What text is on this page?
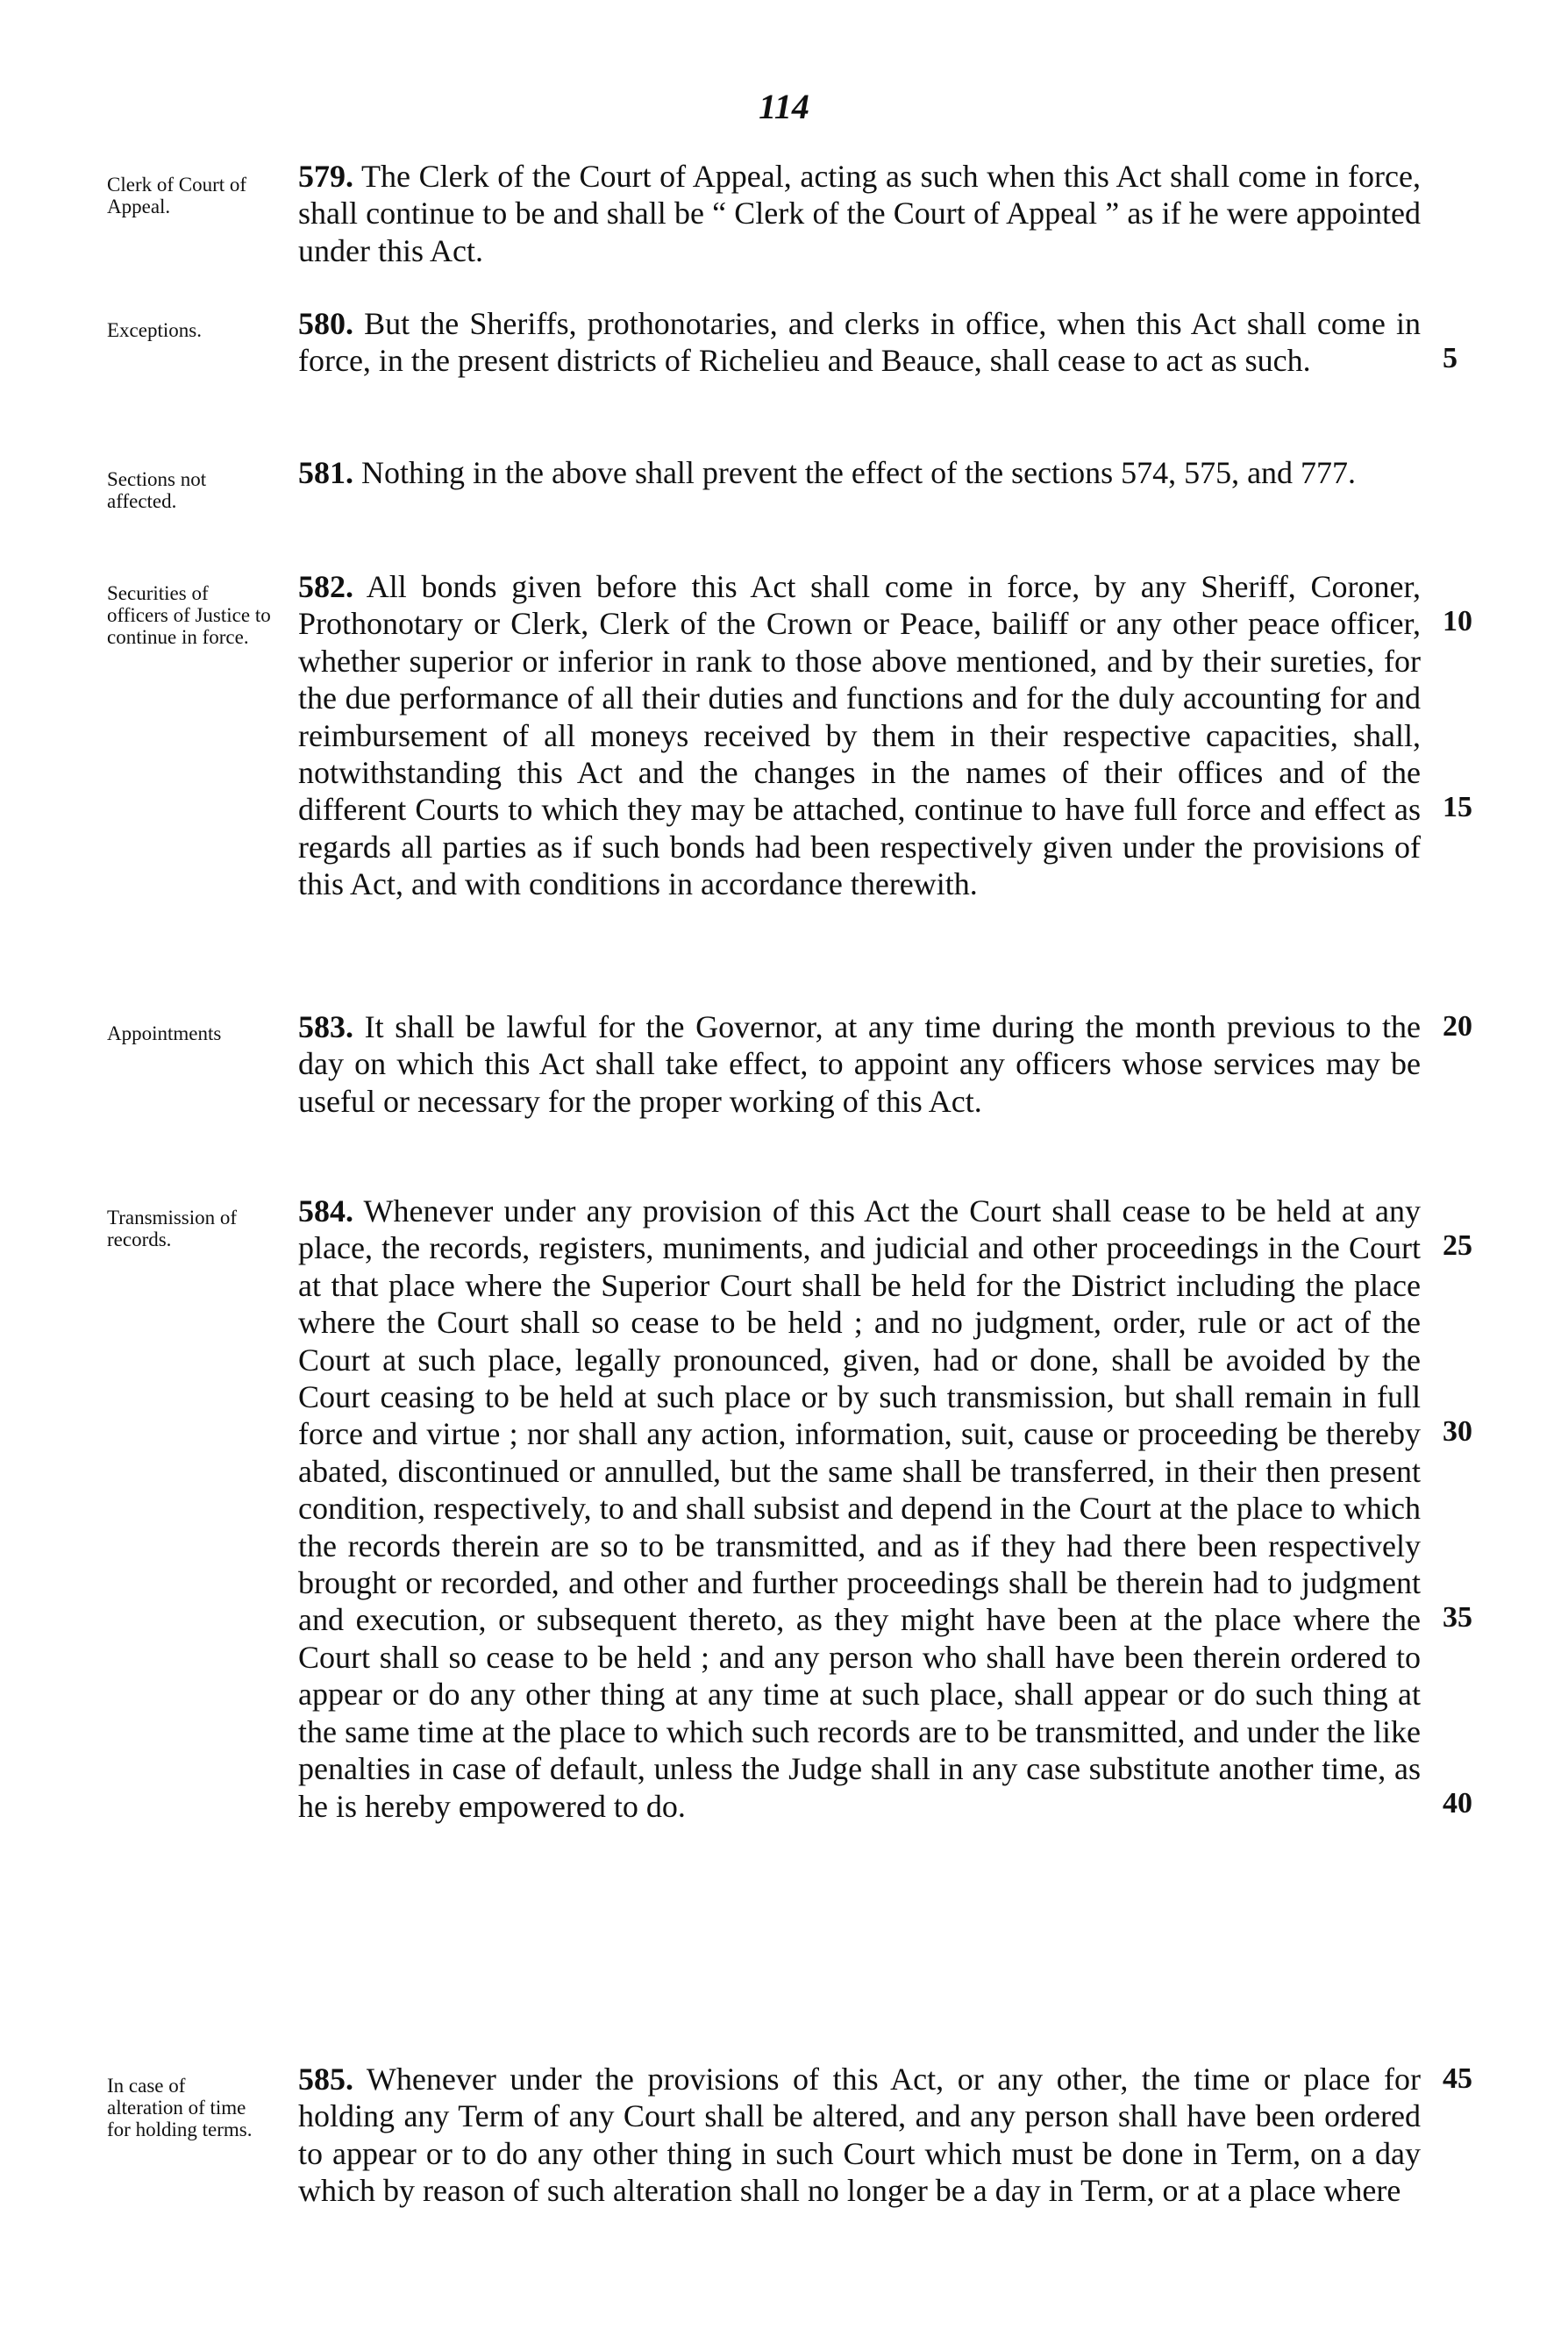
114
Clerk of Court of Appeal.

579. The Clerk of the Court of Appeal, acting as such when this Act shall come in force, shall continue to be and shall be “ Clerk of the Court of Appeal ” as if he were appointed under this Act.

Exceptions.	580. But the Sheriffs, prothonotaries, and clerks in office, when this Act shall come in force, in the present districts of Richelieu and Beauce, shall cease to act as such.

Sections not affected.

581. Nothing in the above shall prevent the effect of the sections 574, 575, and 777.

Securities of officers of Justice to continue in force.

582. All bonds given before this Act shall come in force, by any Sheriff, Coroner, Prothonotary or Clerk, Clerk of the Crown or Peace, bailiff or any other peace officer, whether superior or inferior in rank to those above mentioned, and by their sureties, for the due performance of all their duties and functions and for the duly accounting for and reimbursement of all moneys received by them in their respective capacities, shall, notwithstanding this Act and the changes in the names of their offices and of the different Courts to which they may be attached, continue to have full force and effect as regards all parties as if such bonds had been respectively given under the provisions of this Act, and with conditions in accordance therewith.

Appointments	583. It shall be lawful for the Governor, at any time during the month previous to the day on which this Act shall take effect, to appoint any officers whose services may be useful or necessary for the proper working of this Act.

Transmission of records.

584. Whenever under any provision of this Act the Court shall cease to be held at any place, the records, registers, muniments, and judicial and other proceedings in the Court at that place where the Superior Court shall be held for the District including the place where the Court shall so cease to be held ; and no judgment, order, rule or act of the Court at such place, legally pronounced, given, had or done, shall be avoided by the Court ceasing to be held at such place or by such transmission, but shall remain in full force and virtue ; nor shall any action, information, suit, cause or proceeding be thereby abated, discontinued or annulled, but the same shall be transferred, in their then present condition, respectively, to and shall subsist and depend in the Court at the place to which the records therein are so to be transmitted, and as if they had there been respectively brought or recorded, and other and further proceedings shall be therein had to judgment and execution, or subsequent thereto, as they might have been at the place where the Court shall so cease to be held ; and any person who shall have been therein ordered to appear or do any other thing at any time at such place, shall appear or do such thing at the same time at the place to which such records are to be transmitted, and under the like penalties in case of default, unless the Judge shall in any case substitute another time, as he is hereby empowered to do.

In case of alteration of time for holding terms.

585. Whenever under the provisions of this Act, or any other, the time or place for holding any Term of any Court shall be altered, and any person shall have been ordered to appear or to do any other thing in such Court which must be done in Term, on a day which by reason of such alteration shall no longer be a day in Term, or at a place where

5
10
15
20
25
30
35
40
45
